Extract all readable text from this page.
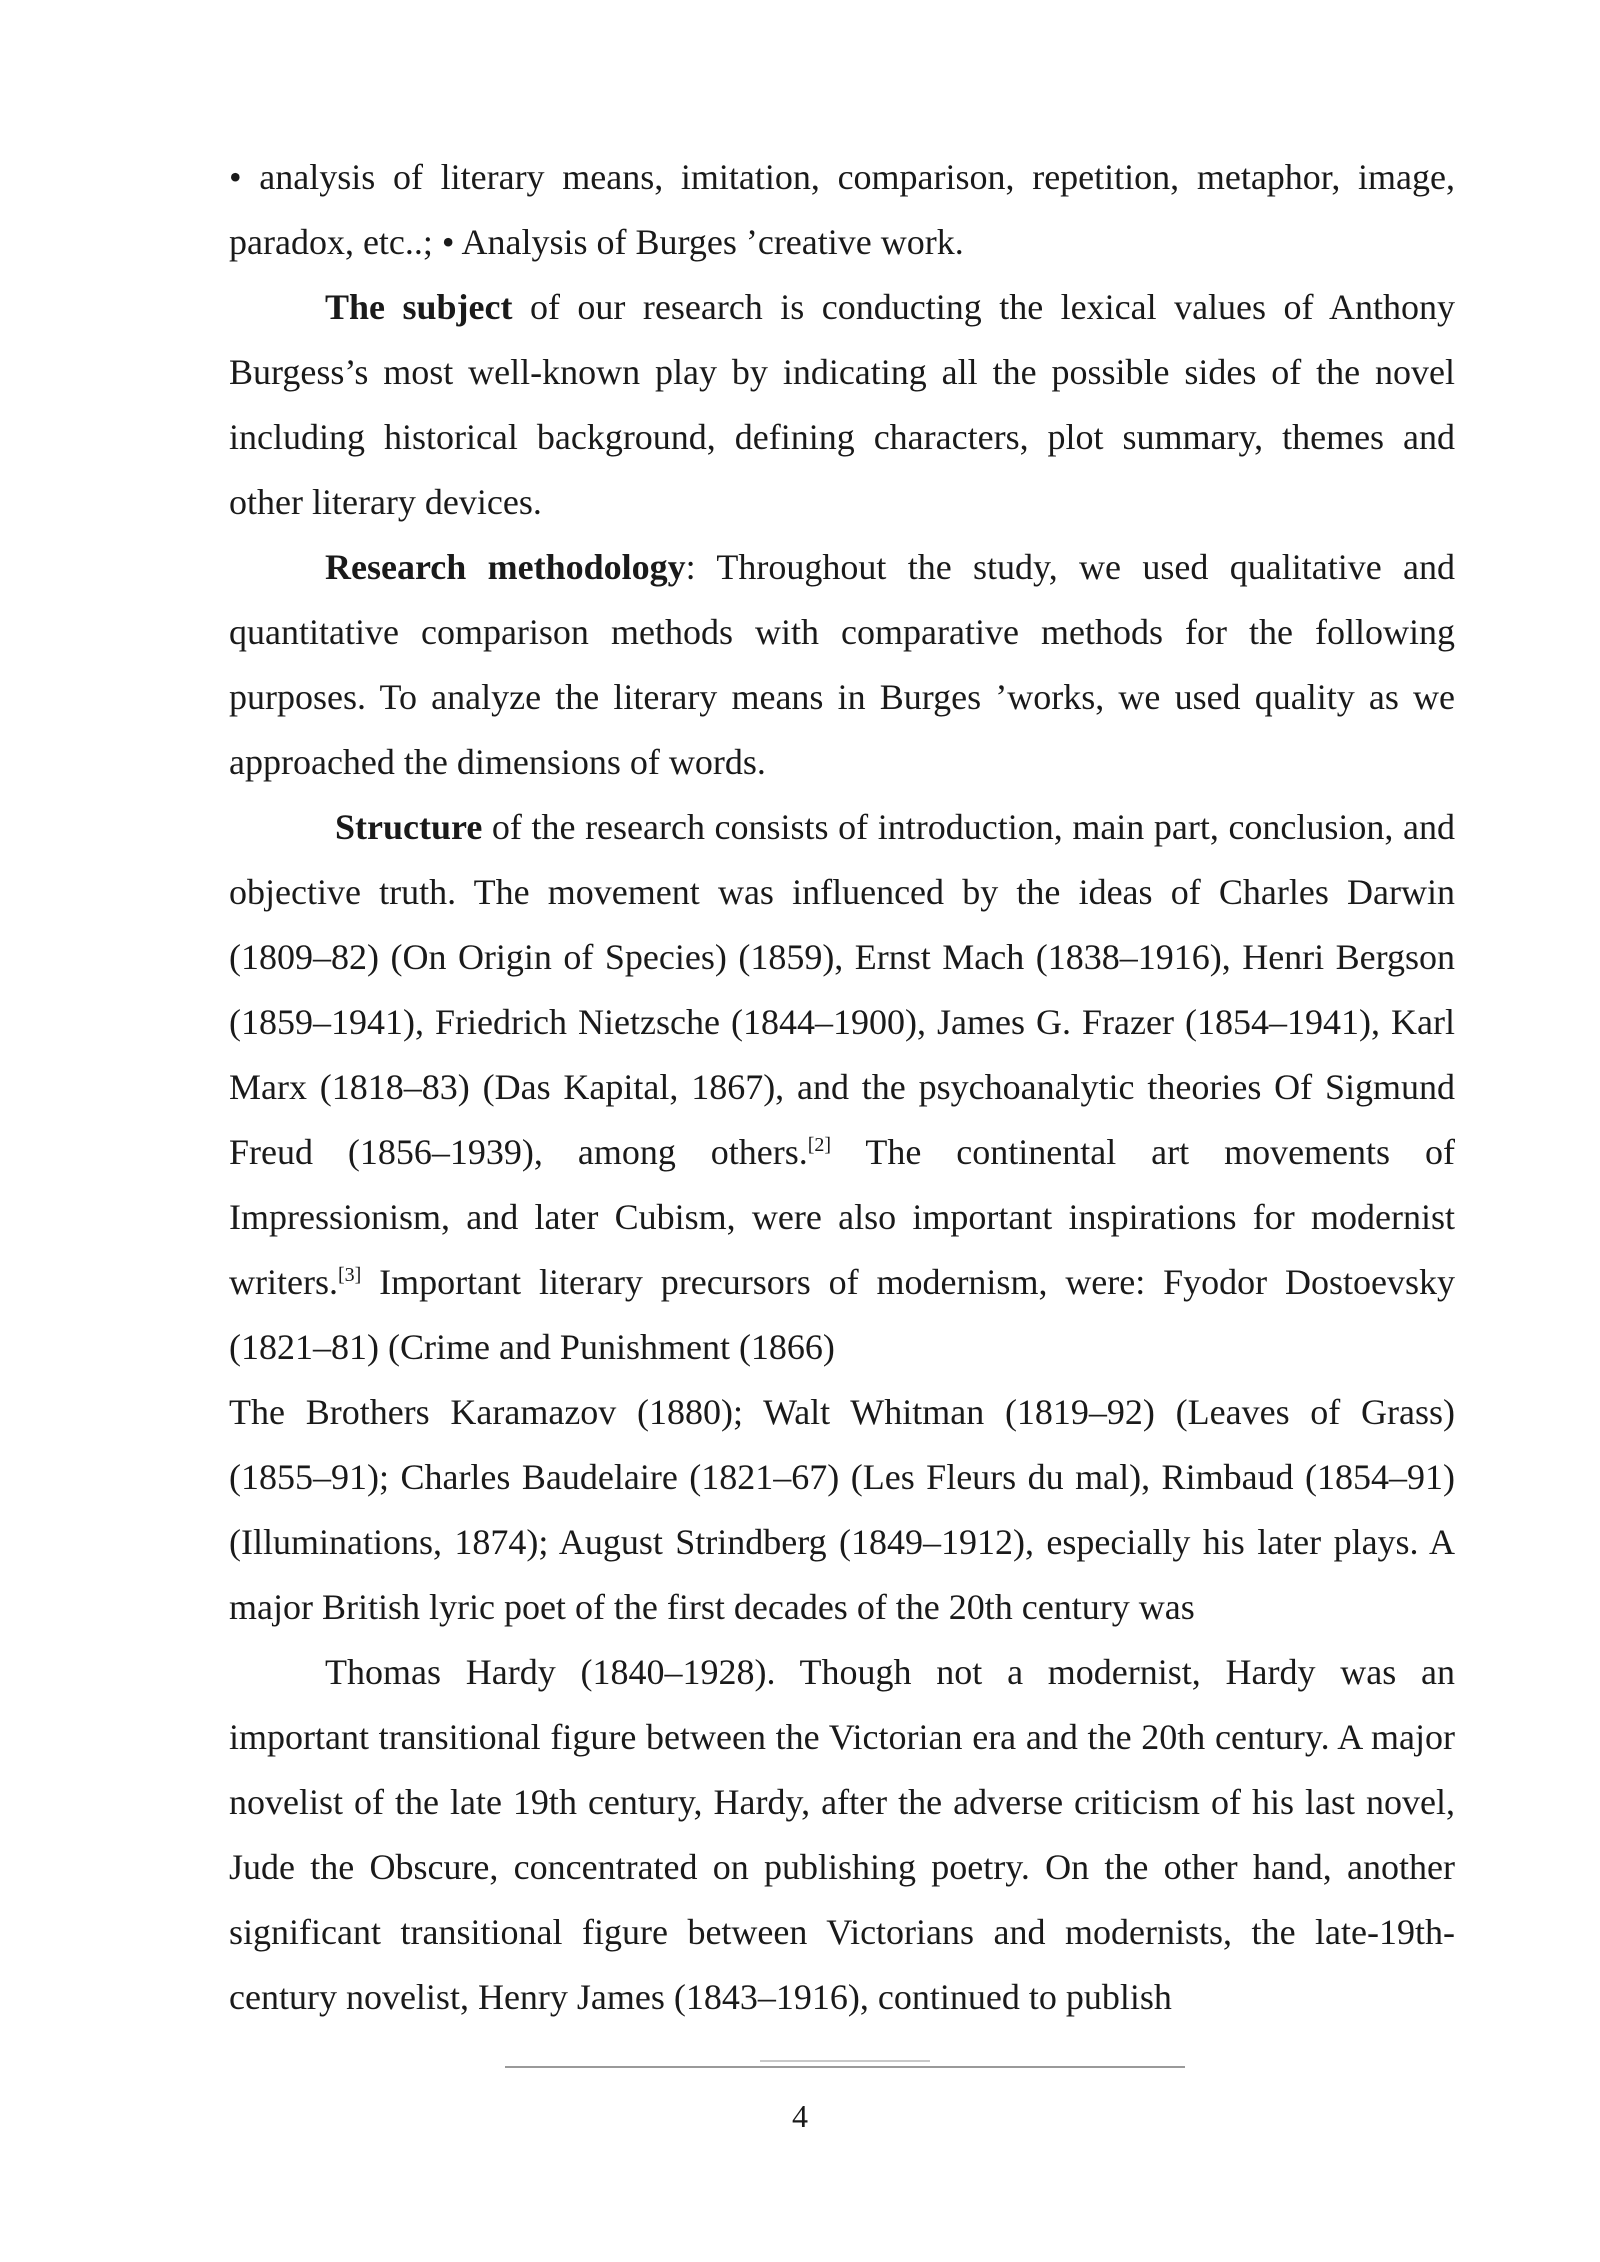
• analysis of literary means, imitation, comparison, repetition, metaphor, image, paradox, etc..; • Analysis of Burges ’creative work.

The subject of our research is conducting the lexical values of Anthony Burgess’s most well-known play by indicating all the possible sides of the novel including historical background, defining characters, plot summary, themes and other literary devices.

Research methodology: Throughout the study, we used qualitative and quantitative comparison methods with comparative methods for the following purposes. To analyze the literary means in Burges ’works, we used quality as we approached the dimensions of words.

Structure of the research consists of introduction, main part, conclusion, and objective truth. The movement was influenced by the ideas of Charles Darwin (1809–82) (On Origin of Species) (1859), Ernst Mach (1838–1916), Henri Bergson (1859–1941), Friedrich Nietzsche (1844–1900), James G. Frazer (1854–1941), Karl Marx (1818–83) (Das Kapital, 1867), and the psychoanalytic theories Of Sigmund Freud (1856–1939), among others.[2] The continental art movements of Impressionism, and later Cubism, were also important inspirations for modernist writers.[3] Important literary precursors of modernism, were: Fyodor Dostoevsky (1821–81) (Crime and Punishment (1866)

The Brothers Karamazov (1880); Walt Whitman (1819–92) (Leaves of Grass) (1855–91); Charles Baudelaire (1821–67) (Les Fleurs du mal), Rimbaud (1854–91) (Illuminations, 1874); August Strindberg (1849–1912), especially his later plays. A major British lyric poet of the first decades of the 20th century was

Thomas Hardy (1840–1928). Though not a modernist, Hardy was an important transitional figure between the Victorian era and the 20th century. A major novelist of the late 19th century, Hardy, after the adverse criticism of his last novel, Jude the Obscure, concentrated on publishing poetry. On the other hand, another significant transitional figure between Victorians and modernists, the late-19th-century novelist, Henry James (1843–1916), continued to publish

4
